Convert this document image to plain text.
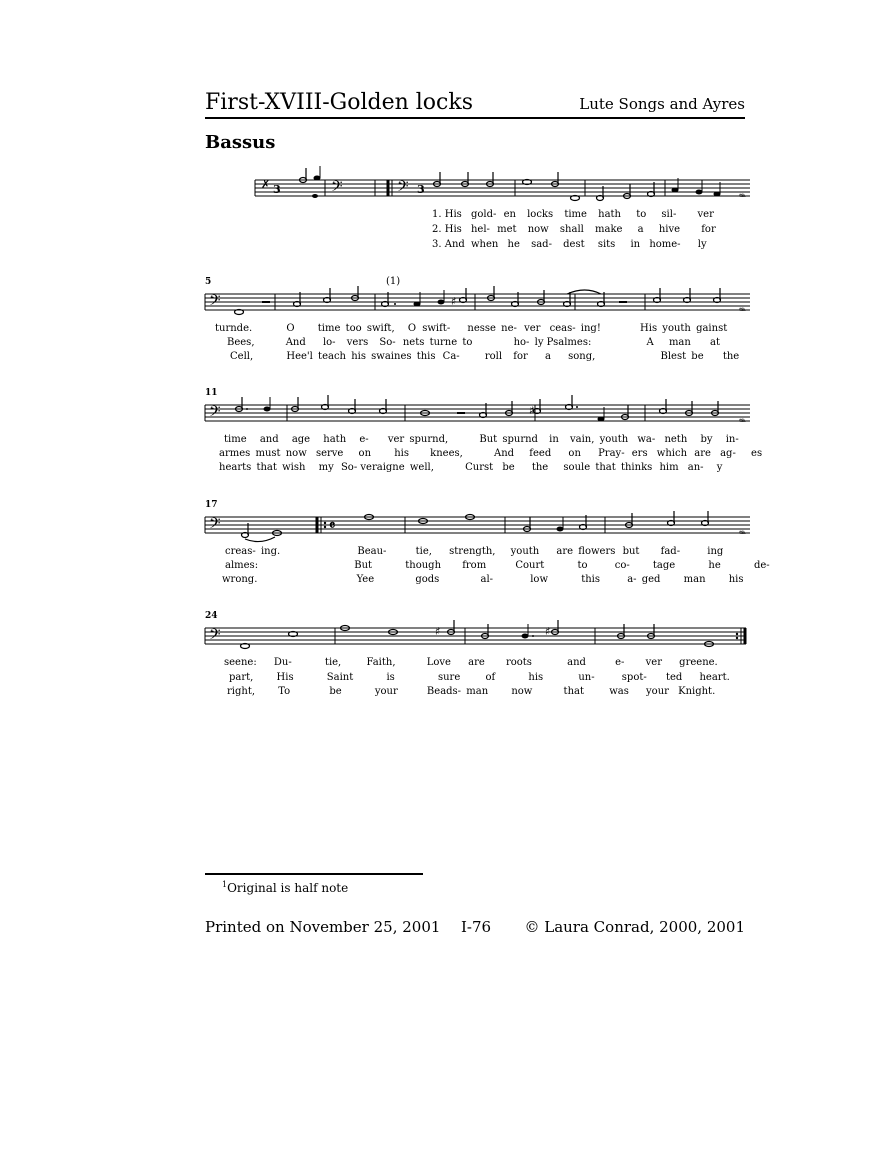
First-XVIII-Golden locks	Lute Songs and Ayres
Bassus
✗ 3	𝄢	𝄢 3
𝆮
1. His gold- en locks time hath to sil- ver
2. His hel- met now shall make a hive for
3. And when he sad- dest sits in home- ly
5	(1)
𝄢	♯
𝆮
turnde.	O time too swift, O swift- nesse ne- ver ceas- ing!	His youth gainst
Bees,	And lo- vers So- nets turne to	ho- ly Psalmes:	A man at
Cell,	Hee'l teach his swaines this Ca-	roll for a song,	Blest be the
11
𝄢	♯
𝆮
time and age hath e- ver spurnd,	But spurnd in vain, youth wa- neth by in-
armes must now serve on his knees,	And feed on Pray- ers which are ag- es
hearts that wish my So- veraigne well,	Curst be the soule that thinks him an- y
17
𝄢	𝄴
𝆮
creas- ing.	Beau-	tie, strength, youth are flowers but fad-	ing
almes:	But	though from	Court	to	co- tage	he	de-
wrong.	Yee	gods	al-	low	this	a- ged man his
24
𝄢	♯	♯
seene: Du-	tie,	Faith,	Love are roots	and	e- ver greene.
part, His	Saint	is	sure	of	his	un-	spot- ted heart.
right, To	be	your	Beads- man now	that	was your Knight.
$^1$Original is half note
Printed on November 25, 2001 I-76 © Laura Conrad, 2000, 2001
